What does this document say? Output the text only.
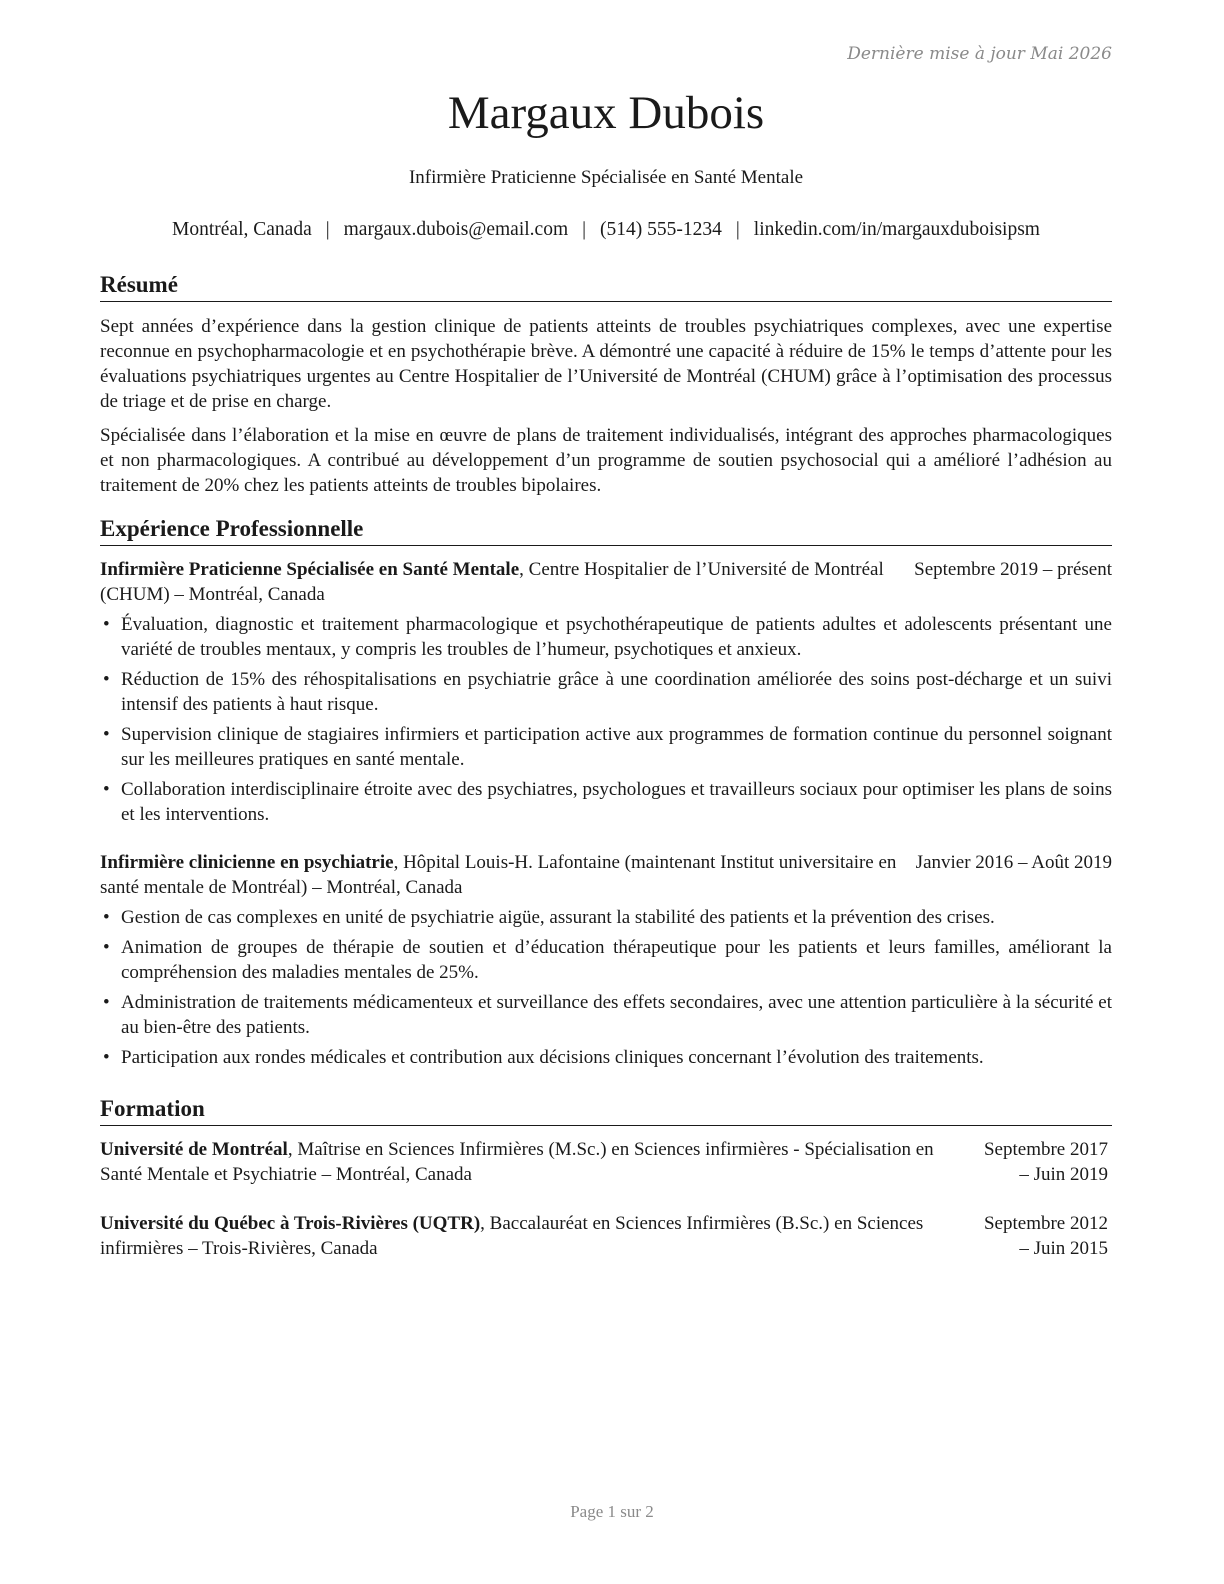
Dernière mise à jour Mai 2026
Margaux Dubois
Infirmière Praticienne Spécialisée en Santé Mentale
Montréal, Canada | margaux.dubois@email.com | (514) 555-1234 | linkedin.com/in/margauxduboisipsm
Résumé
Sept années d’expérience dans la gestion clinique de patients atteints de troubles psychiatriques complexes, avec une expertise reconnue en psychopharmacologie et en psychothérapie brève. A démontré une capacité à réduire de 15% le temps d’attente pour les évaluations psychiatriques urgentes au Centre Hospitalier de l’Université de Montréal (CHUM) grâce à l’optimisation des processus de triage et de prise en charge.
Spécialisée dans l’élaboration et la mise en œuvre de plans de traitement individualisés, intégrant des approches pharmacologiques et non pharmacologiques. A contribué au développement d’un programme de soutien psychosocial qui a amélioré l’adhésion au traitement de 20% chez les patients atteints de troubles bipolaires.
Expérience Professionnelle
Septembre 2019 – présent
Infirmière Praticienne Spécialisée en Santé Mentale, Centre Hospitalier de l’Université de Montréal (CHUM) – Montréal, Canada
• Évaluation, diagnostic et traitement pharmacologique et psychothérapeutique de patients adultes et adolescents présentant une variété de troubles mentaux, y compris les troubles de l’humeur, psychotiques et anxieux.
• Réduction de 15% des réhospitalisations en psychiatrie grâce à une coordination améliorée des soins post-décharge et un suivi intensif des patients à haut risque.
• Supervision clinique de stagiaires infirmiers et participation active aux programmes de formation continue du personnel soignant sur les meilleures pratiques en santé mentale.
• Collaboration interdisciplinaire étroite avec des psychiatres, psychologues et travailleurs sociaux pour optimiser les plans de soins et les interventions.
Janvier 2016 – Août 2019
Infirmière clinicienne en psychiatrie, Hôpital Louis-H. Lafontaine (maintenant Institut universitaire en santé mentale de Montréal) – Montréal, Canada
• Gestion de cas complexes en unité de psychiatrie aigüe, assurant la stabilité des patients et la prévention des crises.
• Animation de groupes de thérapie de soutien et d’éducation thérapeutique pour les patients et leurs familles, améliorant la compréhension des maladies mentales de 25%.
• Administration de traitements médicamenteux et surveillance des effets secondaires, avec une attention particulière à la sécurité et au bien-être des patients.
• Participation aux rondes médicales et contribution aux décisions cliniques concernant l’évolution des traitements.
Formation
Université de Montréal, Maîtrise en Sciences Infirmières (M.Sc.) en Sciences infirmières - Spécialisation en Santé Mentale et Psychiatrie – Montréal, CanadaSeptembre 2017 – Juin 2019
Université du Québec à Trois-Rivières (UQTR), Baccalauréat en Sciences Infirmières (B.Sc.) en Sciences infirmières – Trois-Rivières, CanadaSeptembre 2012 – Juin 2015
Page 1 sur 2
